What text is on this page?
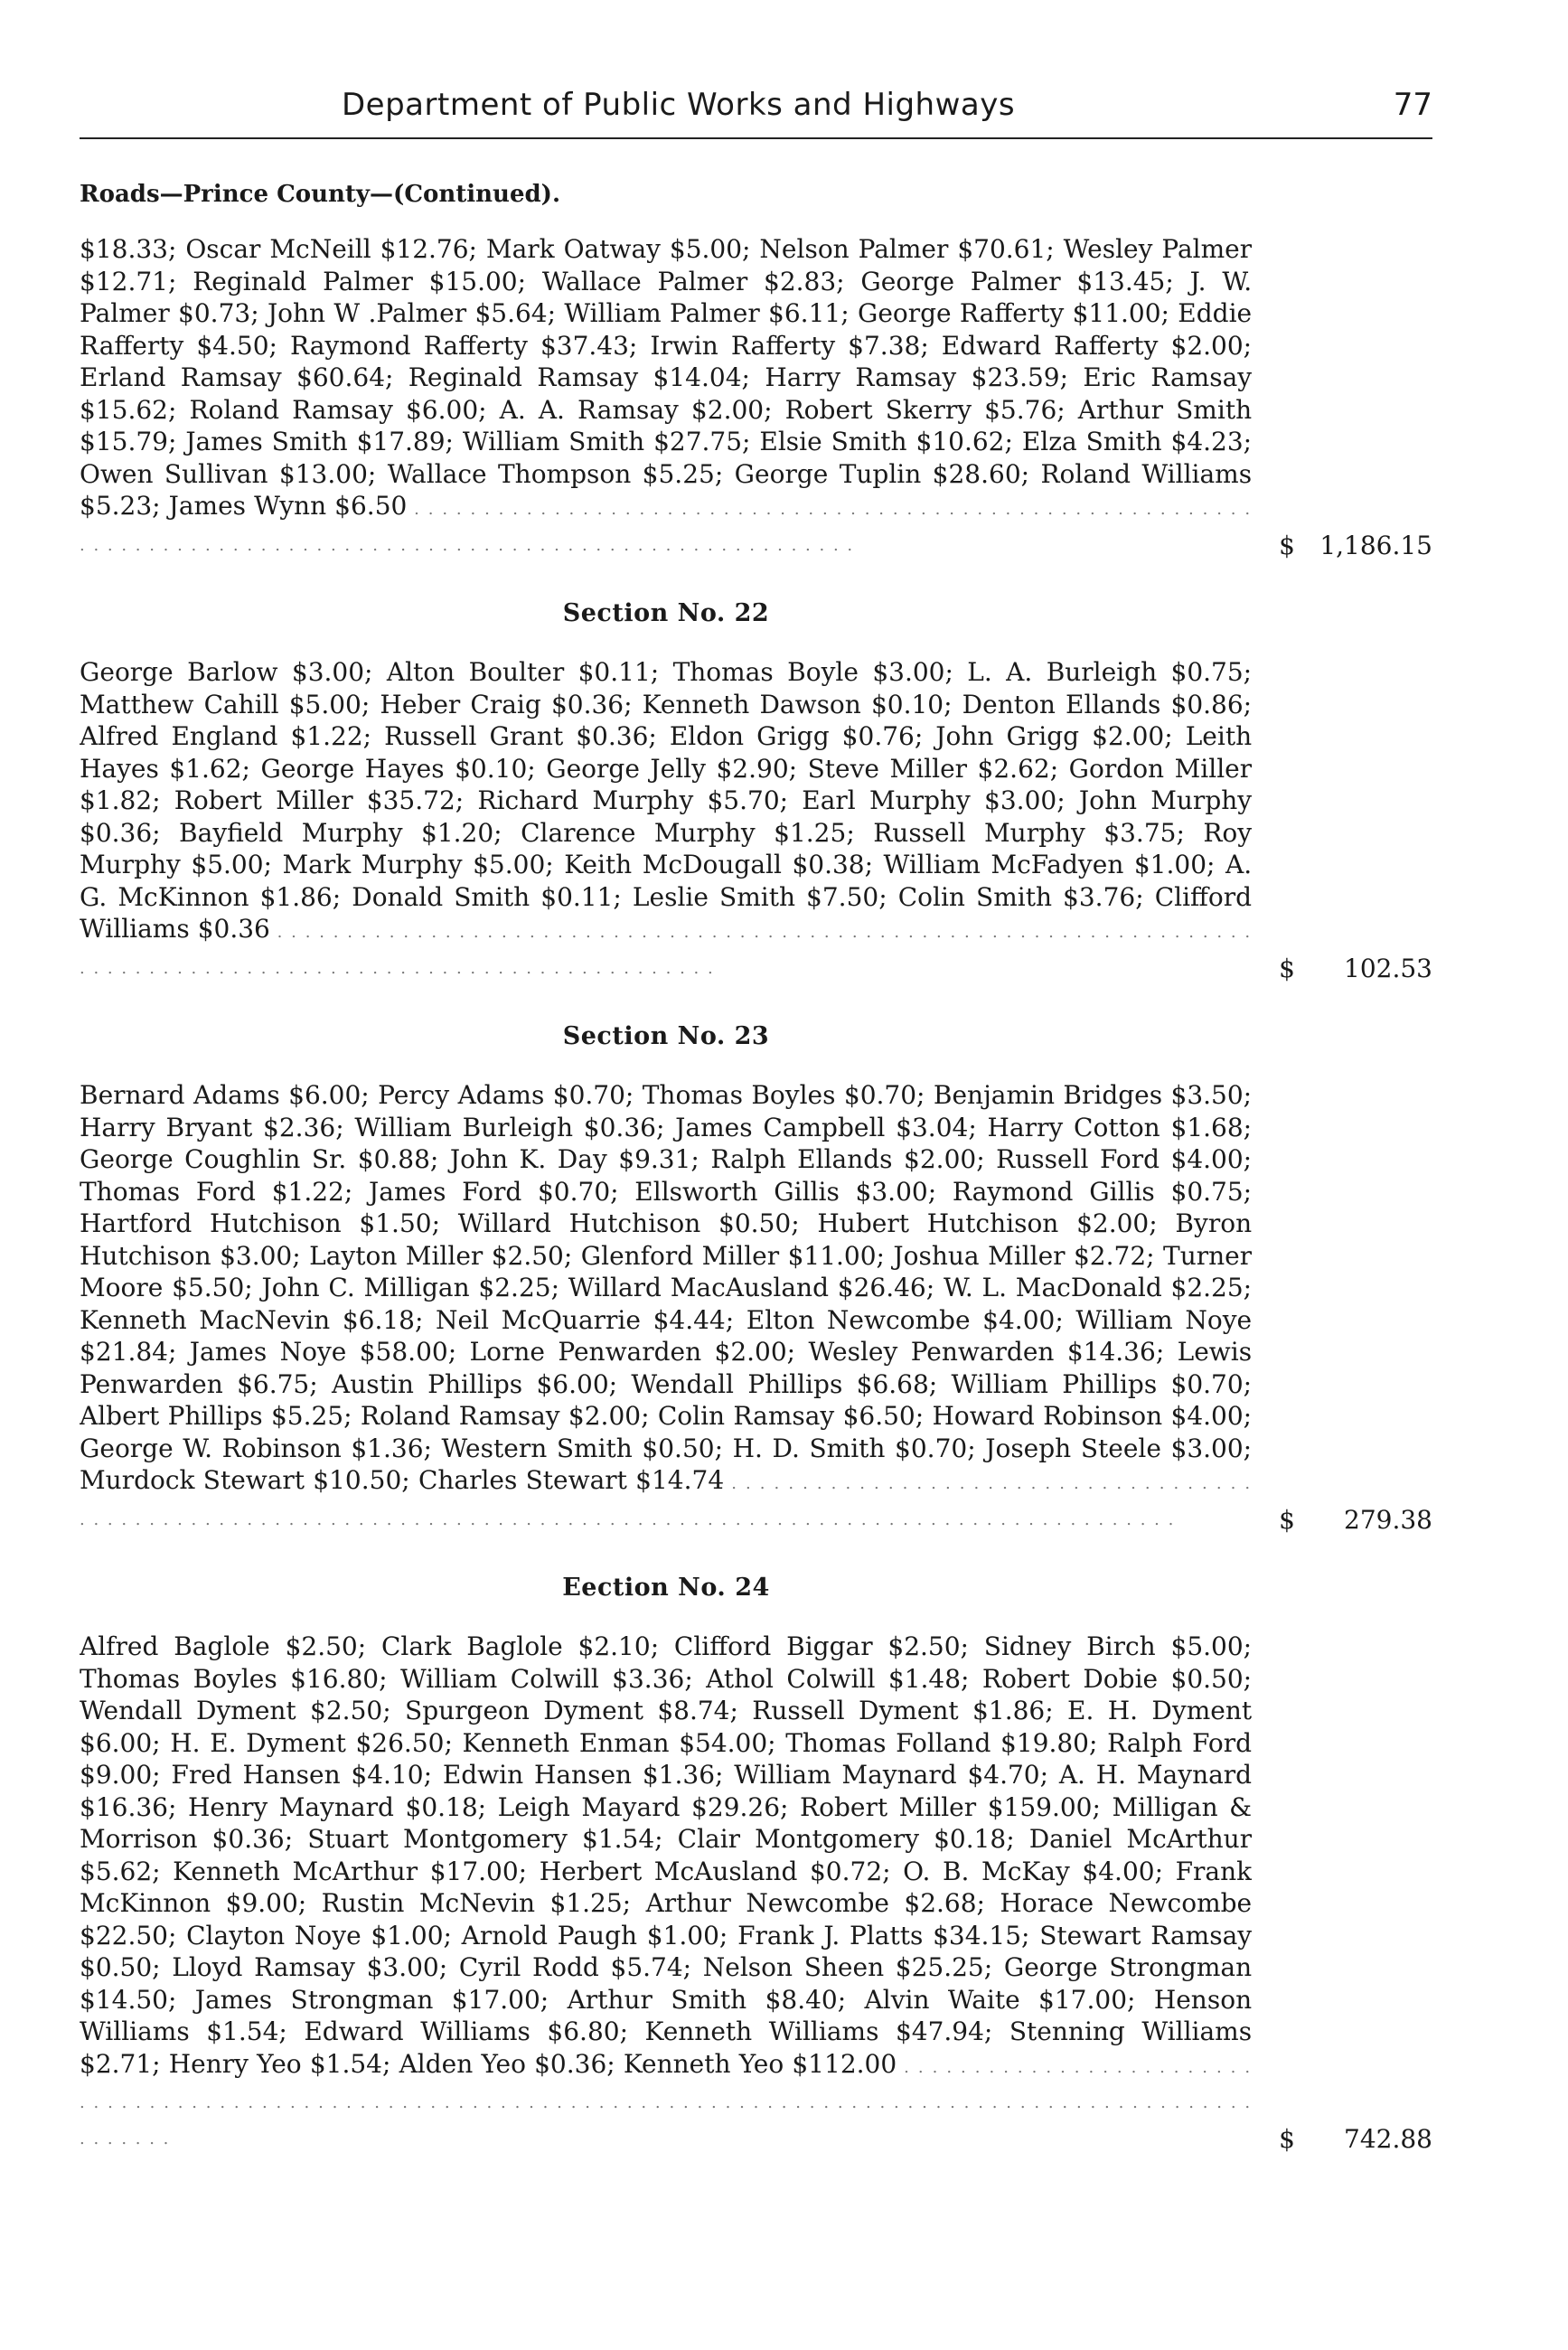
Department of Public Works and Highways	77
Roads—Prince County—(Continued).
$18.33; Oscar McNeill $12.76; Mark Oatway $5.00; Nelson Palmer $70.61; Wesley Palmer $12.71; Reginald Palmer $15.00; Wallace Palmer $2.83; George Palmer $13.45; J. W. Palmer $0.73; John W .Palmer $5.64; William Palmer $6.11; George Rafferty $11.00; Eddie Rafferty $4.50; Raymond Rafferty $37.43; Irwin Rafferty $7.38; Edward Rafferty $2.00; Erland Ramsay $60.64; Reginald Ramsay $14.04; Harry Ramsay $23.59; Eric Ramsay $15.62; Roland Ramsay $6.00; A. A. Ramsay $2.00; Robert Skerry $5.76; Arthur Smith $15.79; James Smith $17.89; William Smith $27.75; Elsie Smith $10.62; Elza Smith $4.23; Owen Sullivan $13.00; Wallace Thompson $5.25; George Tuplin $28.60; Roland Williams $5.23; James Wynn $6.50 . . .
$ 1,186.15
Section No. 22
George Barlow $3.00; Alton Boulter $0.11; Thomas Boyle $3.00; L. A. Burleigh $0.75; Matthew Cahill $5.00; Heber Craig $0.36; Kenneth Dawson $0.10; Denton Ellands $0.86; Alfred England $1.22; Russell Grant $0.36; Eldon Grigg $0.76; John Grigg $2.00; Leith Hayes $1.62; George Hayes $0.10; George Jelly $2.90; Steve Miller $2.62; Gordon Miller $1.82; Robert Miller $35.72; Richard Murphy $5.70; Earl Murphy $3.00; John Murphy $0.36; Bayfield Murphy $1.20; Clarence Murphy $1.25; Russell Murphy $3.75; Roy Murphy $5.00; Mark Murphy $5.00; Keith McDougall $0.38; William McFadyen $1.00; A. G. McKinnon $1.86; Donald Smith $0.11; Leslie Smith $7.50; Colin Smith $3.76; Clifford Williams $0.36 . . .
$ 102.53
Section No. 23
Bernard Adams $6.00; Percy Adams $0.70; Thomas Boyles $0.70; Benjamin Bridges $3.50; Harry Bryant $2.36; William Burleigh $0.36; James Campbell $3.04; Harry Cotton $1.68; George Coughlin Sr. $0.88; John K. Day $9.31; Ralph Ellands $2.00; Russell Ford $4.00; Thomas Ford $1.22; James Ford $0.70; Ellsworth Gillis $3.00; Raymond Gillis $0.75; Hartford Hutchison $1.50; Willard Hutchison $0.50; Hubert Hutchison $2.00; Byron Hutchison $3.00; Layton Miller $2.50; Glenford Miller $11.00; Joshua Miller $2.72; Turner Moore $5.50; John C. Milligan $2.25; Willard MacAusland $26.46; W. L. MacDonald $2.25; Kenneth MacNevin $6.18; Neil McQuarrie $4.44; Elton Newcombe $4.00; William Noye $21.84; James Noye $58.00; Lorne Penwarden $2.00; Wesley Penwarden $14.36; Lewis Penwarden $6.75; Austin Phillips $6.00; Wendall Phillips $6.68; William Phillips $0.70; Albert Phillips $5.25; Roland Ramsay $2.00; Colin Ramsay $6.50; Howard Robinson $4.00; George W. Robinson $1.36; Western Smith $0.50; H. D. Smith $0.70; Joseph Steele $3.00; Murdock Stewart $10.50; Charles Stewart $14.74 . . .
$ 279.38
Eection No. 24
Alfred Baglole $2.50; Clark Baglole $2.10; Clifford Biggar $2.50; Sidney Birch $5.00; Thomas Boyles $16.80; William Colwill $3.36; Athol Colwill $1.48; Robert Dobie $0.50; Wendall Dyment $2.50; Spurgeon Dyment $8.74; Russell Dyment $1.86; E. H. Dyment $6.00; H. E. Dyment $26.50; Kenneth Enman $54.00; Thomas Folland $19.80; Ralph Ford $9.00; Fred Hansen $4.10; Edwin Hansen $1.36; William Maynard $4.70; A. H. Maynard $16.36; Henry Maynard $0.18; Leigh Mayard $29.26; Robert Miller $159.00; Milligan & Morrison $0.36; Stuart Montgomery $1.54; Clair Montgomery $0.18; Daniel McArthur $5.62; Kenneth McArthur $17.00; Herbert McAusland $0.72; O. B. McKay $4.00; Frank McKinnon $9.00; Rustin McNevin $1.25; Arthur Newcombe $2.68; Horace Newcombe $22.50; Clayton Noye $1.00; Arnold Paugh $1.00; Frank J. Platts $34.15; Stewart Ramsay $0.50; Lloyd Ramsay $3.00; Cyril Rodd $5.74; Nelson Sheen $25.25; George Strongman $14.50; James Strongman $17.00; Arthur Smith $8.40; Alvin Waite $17.00; Henson Williams $1.54; Edward Williams $6.80; Kenneth Williams $47.94; Stenning Williams $2.71; Henry Yeo $1.54; Alden Yeo $0.36; Kenneth Yeo $112.00 . . .
$ 742.88
